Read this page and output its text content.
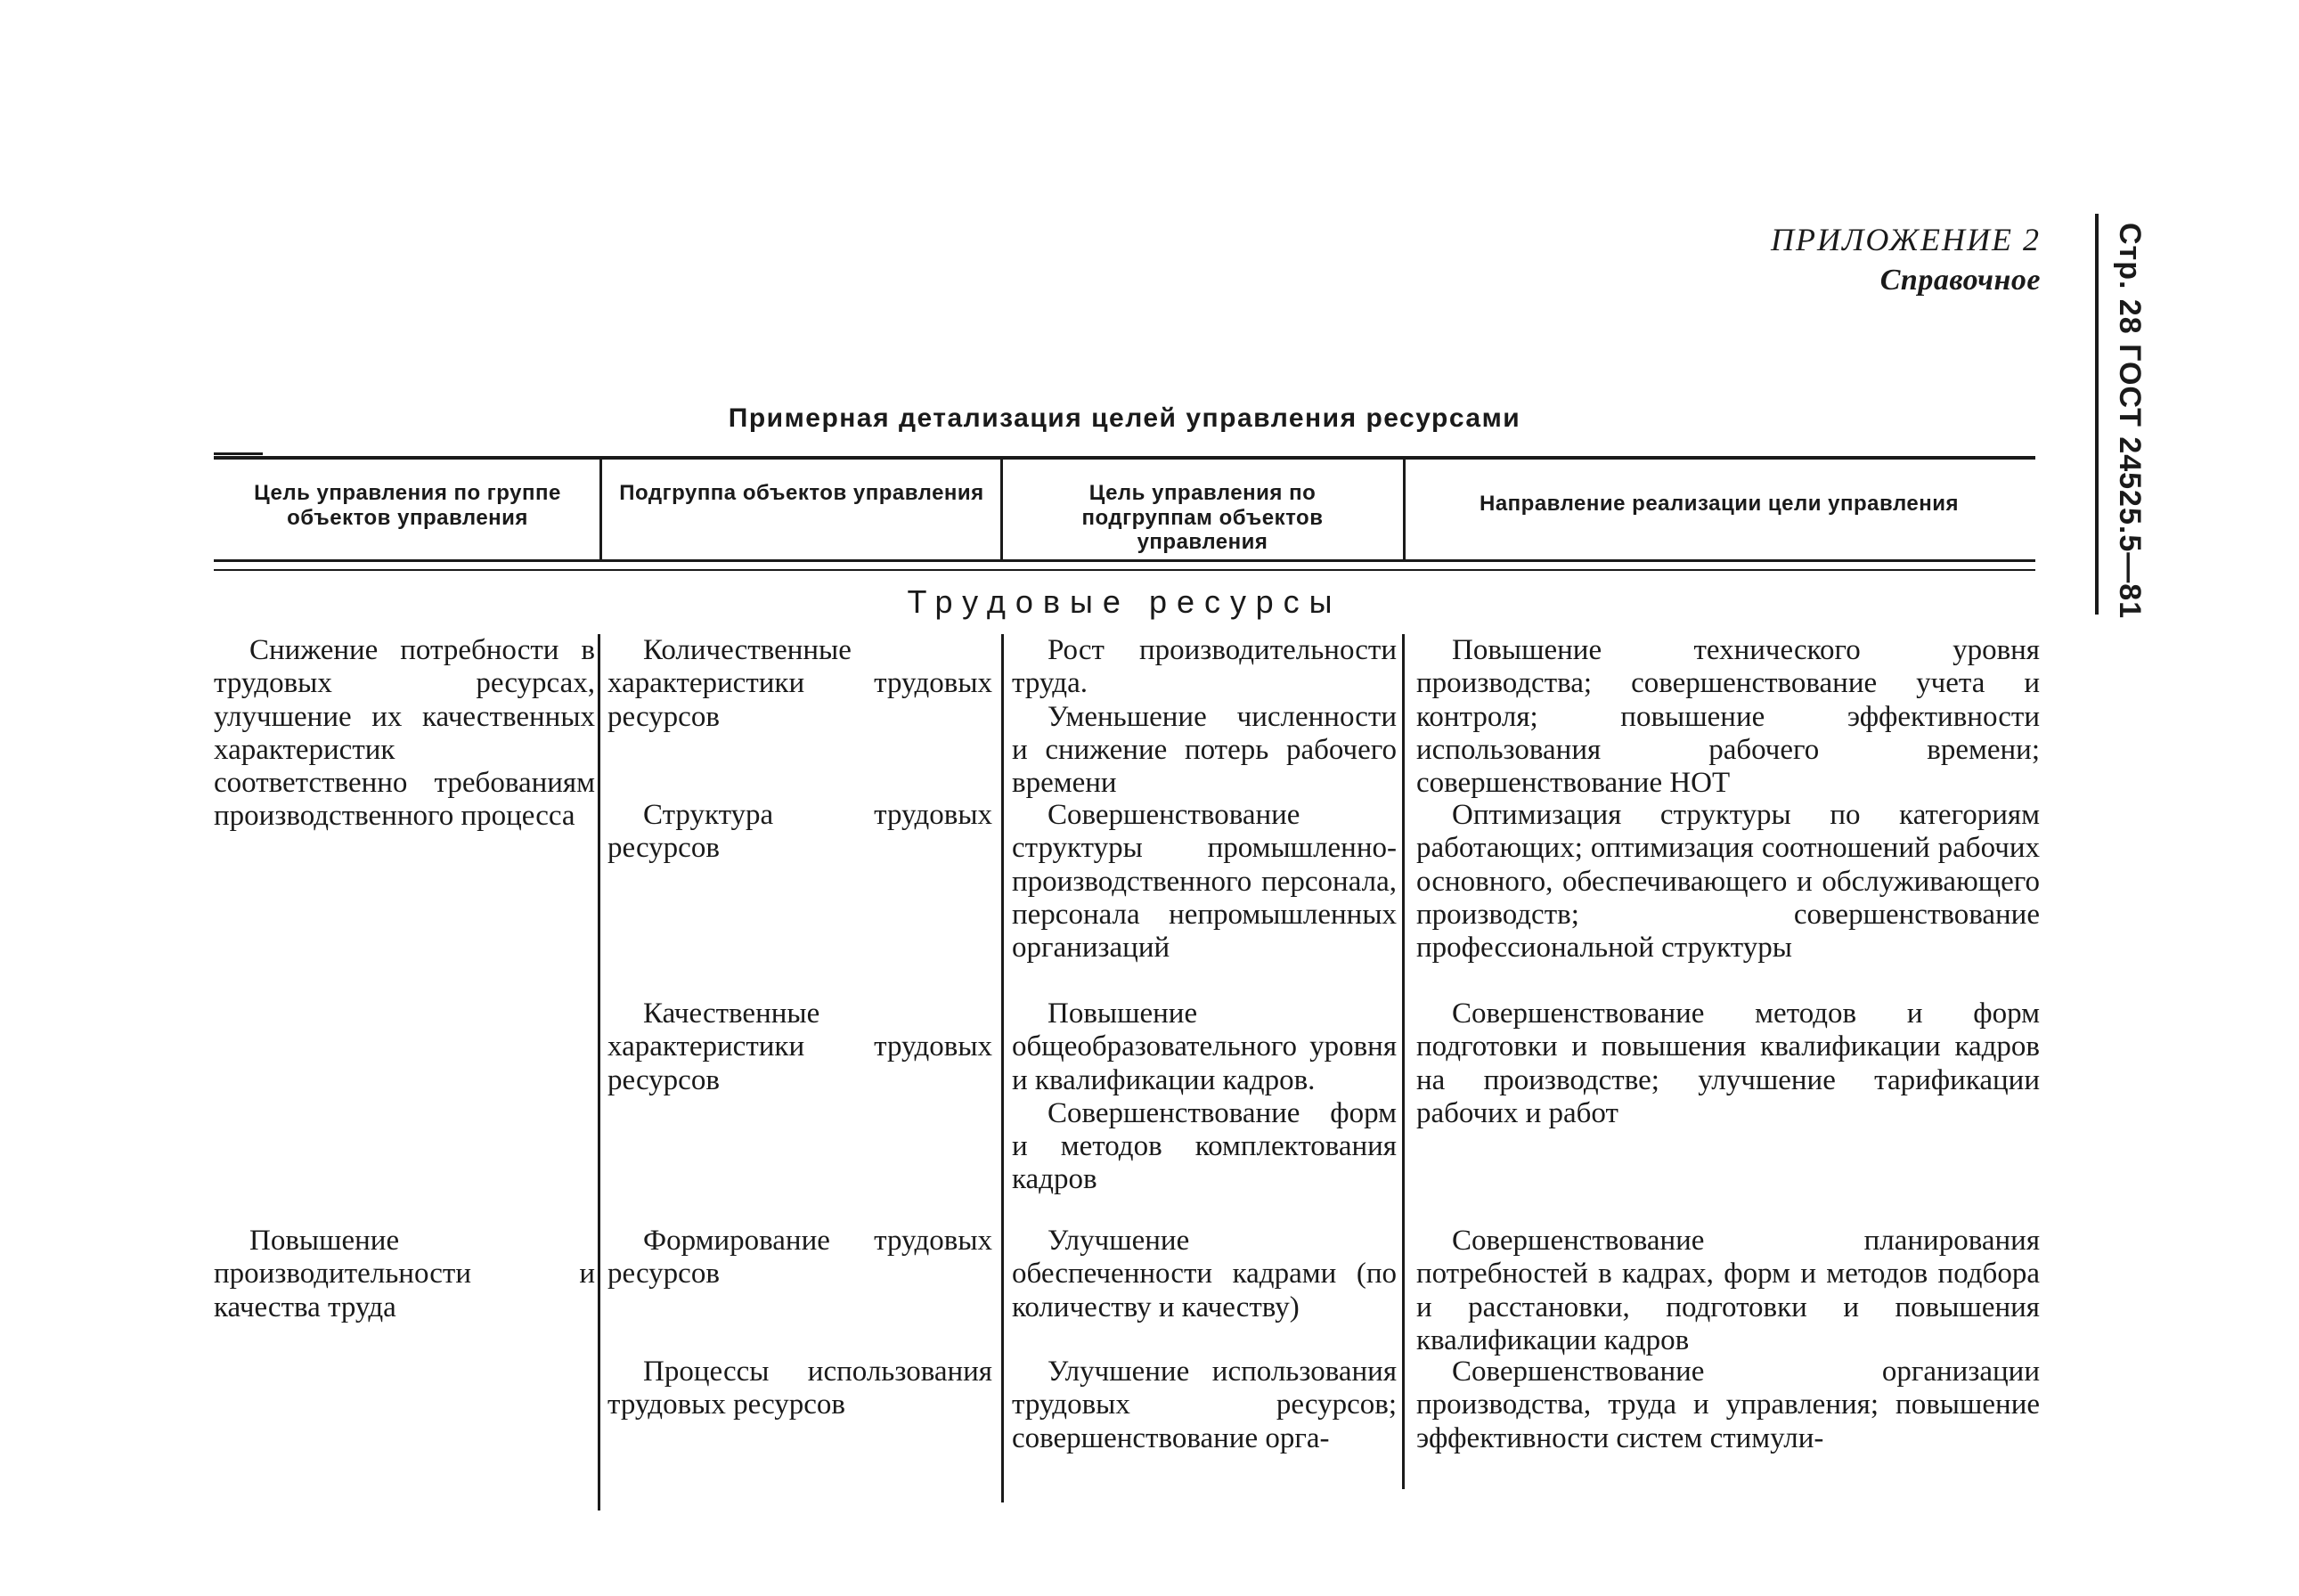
ПРИЛОЖЕНИЕ 2
Справочное Стр. 28 ГОСТ 24525.5—81
Примерная детализация целей управления ресурсами
Цель управления по группе объектов управления
Подгруппа объектов управления	Цель управления по подгруппам объектов управления
Направление реализации цели управления
Трудовые ресурсы

Снижение потребности в трудовых ресурсах, улучшение их качественных характеристик соответственно требованиям производственного процесса

Повышение производительности и качества труда

Количественные характеристики трудовых ресурсов

Рост производительности труда.

Уменьшение численности и снижение потерь рабочего времени

Повышение технического уровня производства; совершенствование учета и контроля; повышение эффективности использования рабочего времени; совершенствование НОТ

Структура трудовых ресурсов

Совершенствование структуры промышленно-производственного персонала, персонала непромышленных организаций

Оптимизация структуры по категориям работающих; оптимизация соотношений рабочих основного, обеспечивающего и обслуживающего производств; совершенствование профессиональной структуры

Качественные характеристики трудовых ресурсов

Повышение общеобразовательного уровня и квалификации кадров.

Совершенствование форм и методов комплектования кадров

Совершенствование методов и форм подготовки и повышения квалификации кадров на производстве; улучшение тарификации рабочих и работ

Формирование трудовых ресурсов

Улучшение обеспеченности кадрами (по количеству и качеству)

Совершенствование планирования потребностей в кадрах, форм и методов подбора и расстановки, подготовки и повышения квалификации кадров

Процессы использования трудовых ресурсов

Улучшение использования трудовых ресурсов; совершенствование орга-

Совершенствование организации производства, труда и управления; повышение эффективности систем стимули-
